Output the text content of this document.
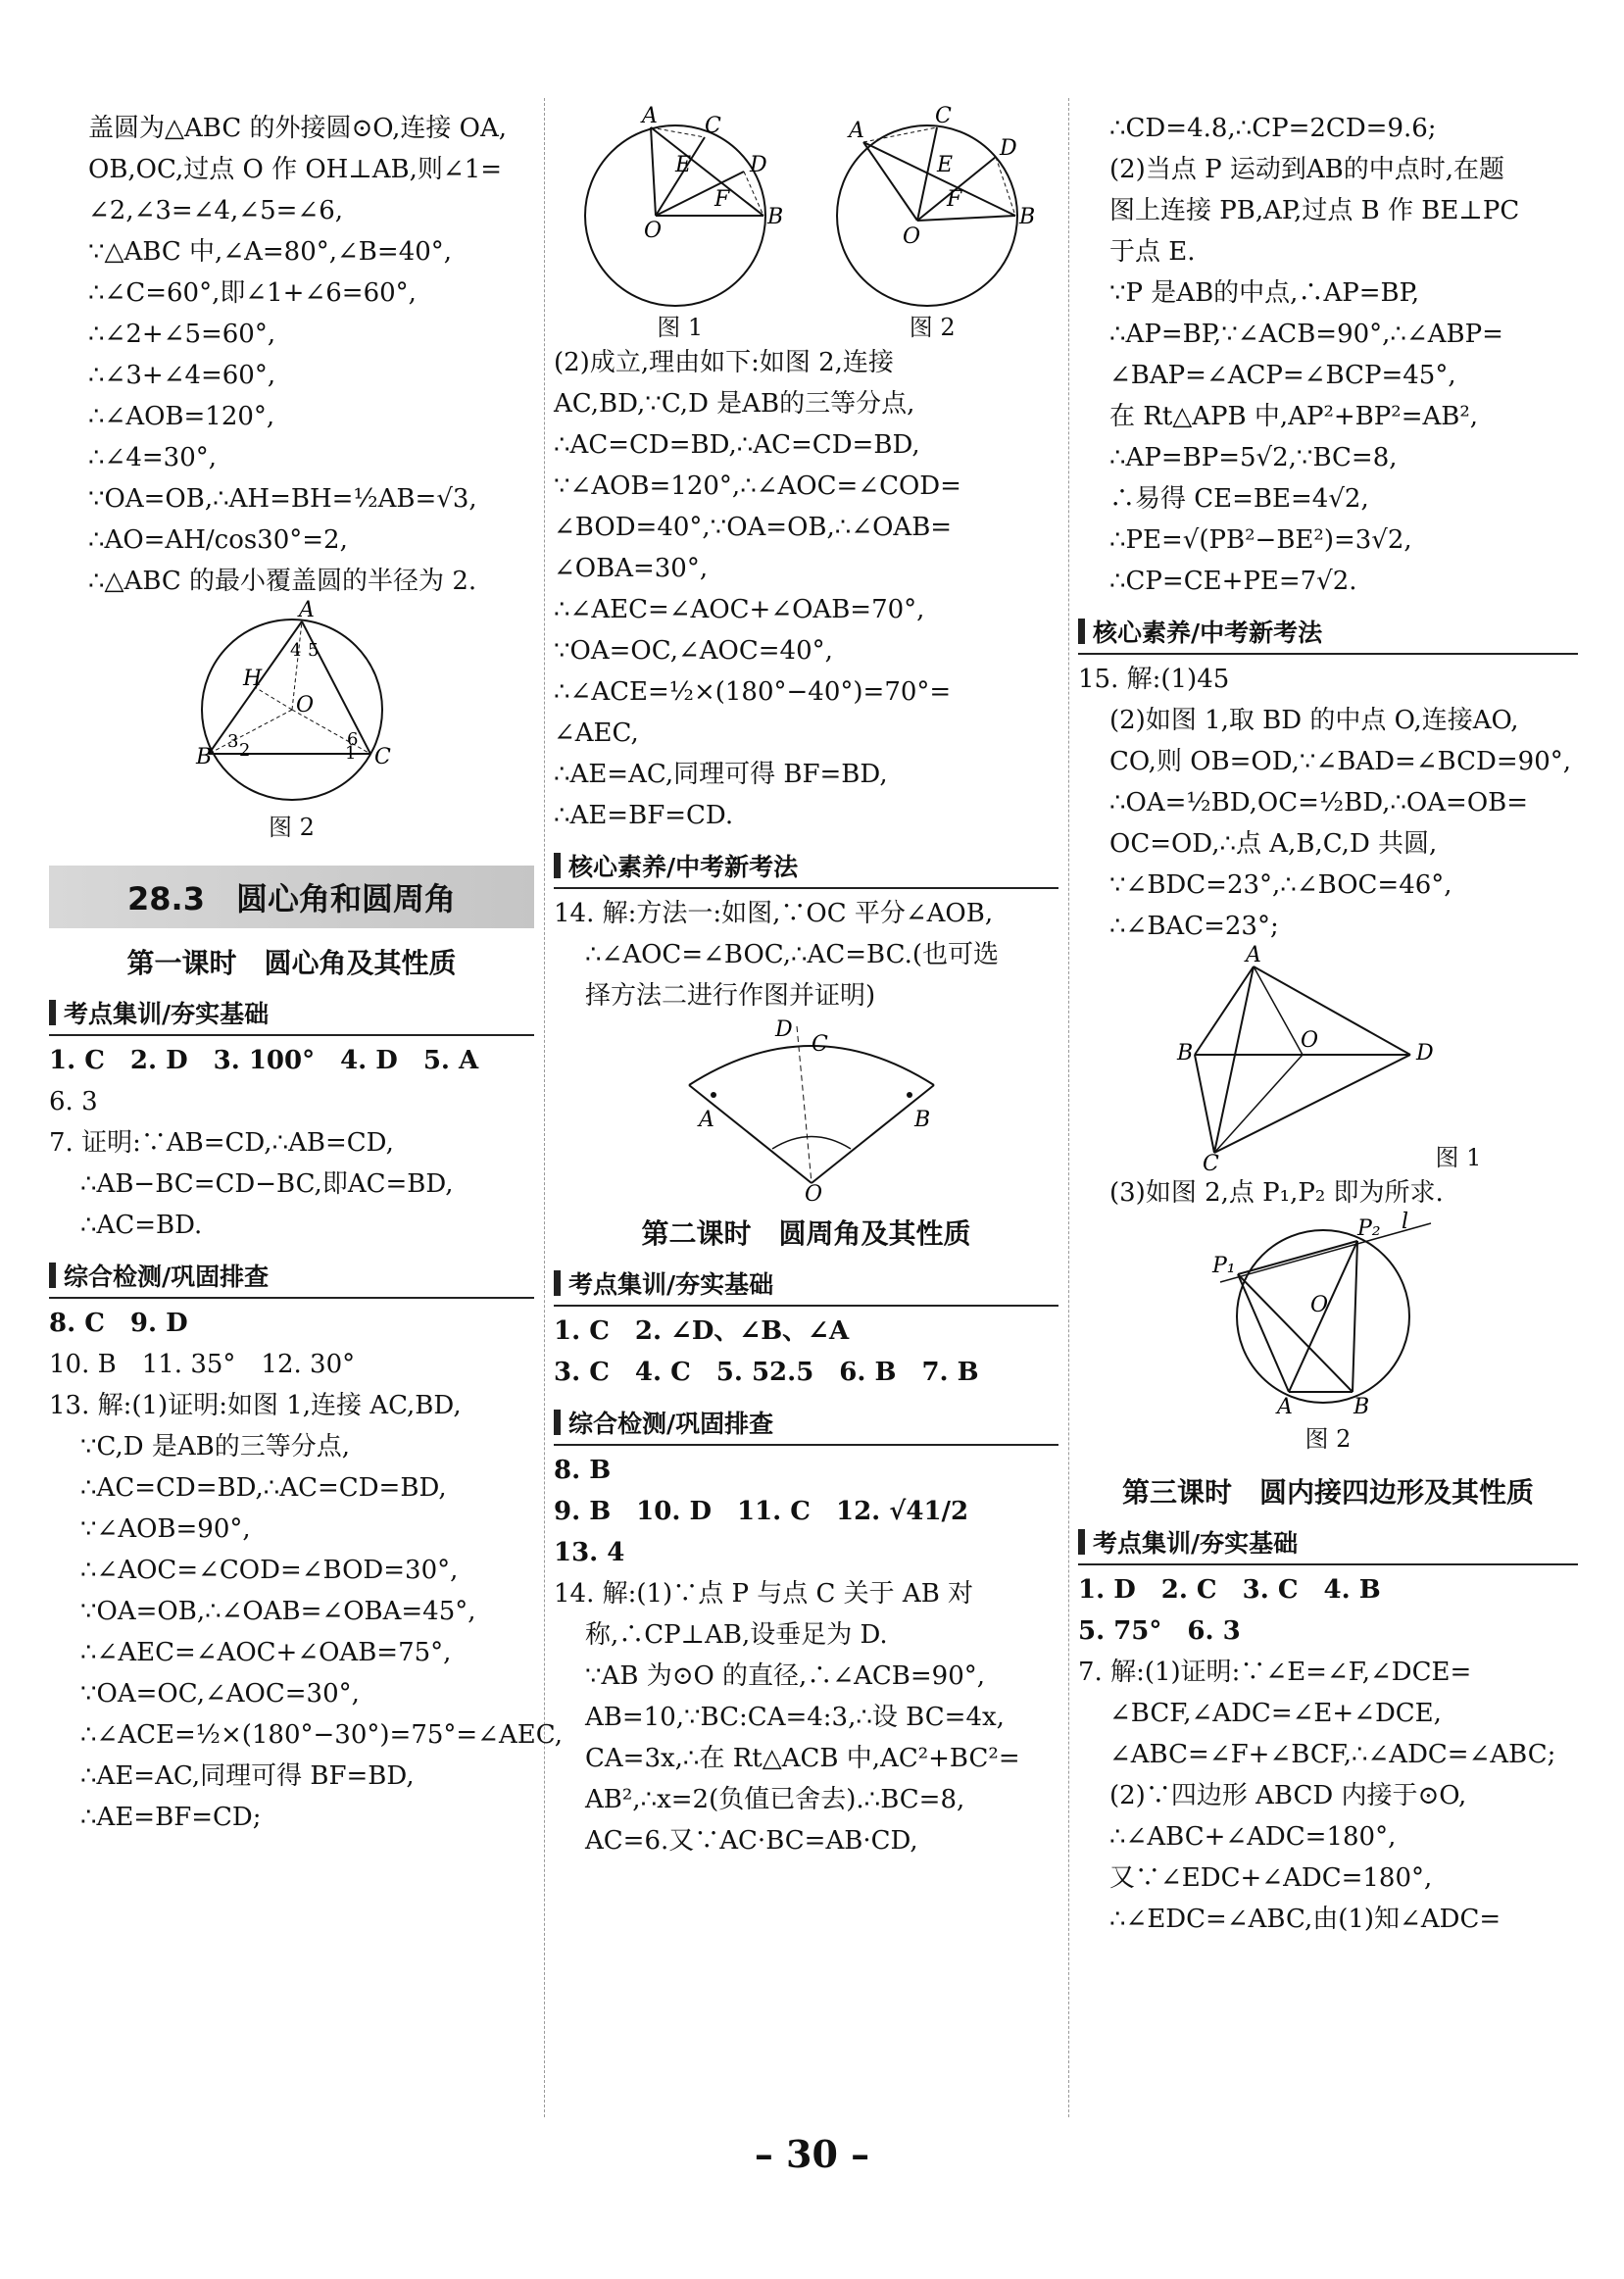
盖圆为△ABC 的外接圆⊙O,连接 OA,
OB,OC,过点 O 作 OH⊥AB,则∠1=
∠2,∠3=∠4,∠5=∠6,
∵△ABC 中,∠A=80°,∠B=40°,
∴∠C=60°,即∠1+∠6=60°,
∴∠2+∠5=60°,
∴∠3+∠4=60°,
∴∠AOB=120°,
∴∠4=30°,
∵OA=OB,∴AH=BH=½AB=√3,
∴AO=AH/cos30°=2,
∴△ABC 的最小覆盖圆的半径为 2.
A
B	C
H
O
4 5
3 2
6
1
图 2
28.3　圆心角和圆周角
第一课时　圆心角及其性质
考点集训/夯实基础
1. C　2. D　3. 100°　4. D　5. A
6. 3
7. 证明:∵AB=CD,∴AB=CD,
∴AB−BC=CD−BC,即AC=BD,
∴AC=BD.
综合检测/巩固排查
8. C　9. D
10. B　11. 35°　12. 30°
13. 解:(1)证明:如图 1,连接 AC,BD,
∵C,D 是AB的三等分点,
∴AC=CD=BD,∴AC=CD=BD,
∵∠AOB=90°,
∴∠AOC=∠COD=∠BOD=30°,
∵OA=OB,∴∠OAB=∠OBA=45°,
∴∠AEC=∠AOC+∠OAB=75°,
∵OA=OC,∠AOC=30°,
∴∠ACE=½×(180°−30°)=75°=∠AEC,
∴AE=AC,同理可得 BF=BD,
∴AE=BF=CD;
A C
D
B
O
E
F
图 1
A
C
D
B
O
E
F
图 2
(2)成立,理由如下:如图 2,连接
AC,BD,∵C,D 是AB的三等分点,
∴AC=CD=BD,∴AC=CD=BD,
∵∠AOB=120°,∴∠AOC=∠COD=
∠BOD=40°,∵OA=OB,∴∠OAB=
∠OBA=30°,
∴∠AEC=∠AOC+∠OAB=70°,
∵OA=OC,∠AOC=40°,
∴∠ACE=½×(180°−40°)=70°=
∠AEC,
∴AE=AC,同理可得 BF=BD,
∴AE=BF=CD.
核心素养/中考新考法
14. 解:方法一:如图,∵OC 平分∠AOB,
∴∠AOC=∠BOC,∴AC=BC.(也可选
择方法二进行作图并证明)
A	B
O
D
C
第二课时　圆周角及其性质
考点集训/夯实基础
1. C　2. ∠D、∠B、∠A
3. C　4. C　5. 52.5　6. B　7. B
综合检测/巩固排查
8. B
9. B　10. D　11. C　12. √41/2
13. 4
14. 解:(1)∵点 P 与点 C 关于 AB 对
称,∴CP⊥AB,设垂足为 D.
∵AB 为⊙O 的直径,∴∠ACB=90°,
AB=10,∵BC:CA=4:3,∴设 BC=4x,
CA=3x,∴在 Rt△ACB 中,AC²+BC²=
AB²,∴x=2(负值已舍去).∴BC=8,
AC=6.又∵AC·BC=AB·CD,
∴CD=4.8,∴CP=2CD=9.6;
(2)当点 P 运动到AB的中点时,在题
图上连接 PB,AP,过点 B 作 BE⊥PC
于点 E.
∵P 是AB的中点,∴AP=BP,
∴AP=BP,∵∠ACB=90°,∴∠ABP=
∠BAP=∠ACP=∠BCP=45°,
在 Rt△APB 中,AP²+BP²=AB²,
∴AP=BP=5√2,∵BC=8,
∴易得 CE=BE=4√2,
∴PE=√(PB²−BE²)=3√2,
∴CP=CE+PE=7√2.
核心素养/中考新考法
15. 解:(1)45
(2)如图 1,取 BD 的中点 O,连接AO,
CO,则 OB=OD,∵∠BAD=∠BCD=90°,
∴OA=½BD,OC=½BD,∴OA=OB=
OC=OD,∴点 A,B,C,D 共圆,
∵∠BDC=23°,∴∠BOC=46°,
∴∠BAC=23°;
A
B	D
C
O
图 1
(3)如图 2,点 P₁,P₂ 即为所求.
P₁
P₂ l
O
A	B
图 2
第三课时　圆内接四边形及其性质
考点集训/夯实基础
1. D　2. C　3. C　4. B
5. 75°　6. 3
7. 解:(1)证明:∵∠E=∠F,∠DCE=
∠BCF,∠ADC=∠E+∠DCE,
∠ABC=∠F+∠BCF,∴∠ADC=∠ABC;
(2)∵四边形 ABCD 内接于⊙O,
∴∠ABC+∠ADC=180°,
又∵∠EDC+∠ADC=180°,
∴∠EDC=∠ABC,由(1)知∠ADC=
– 30 –
